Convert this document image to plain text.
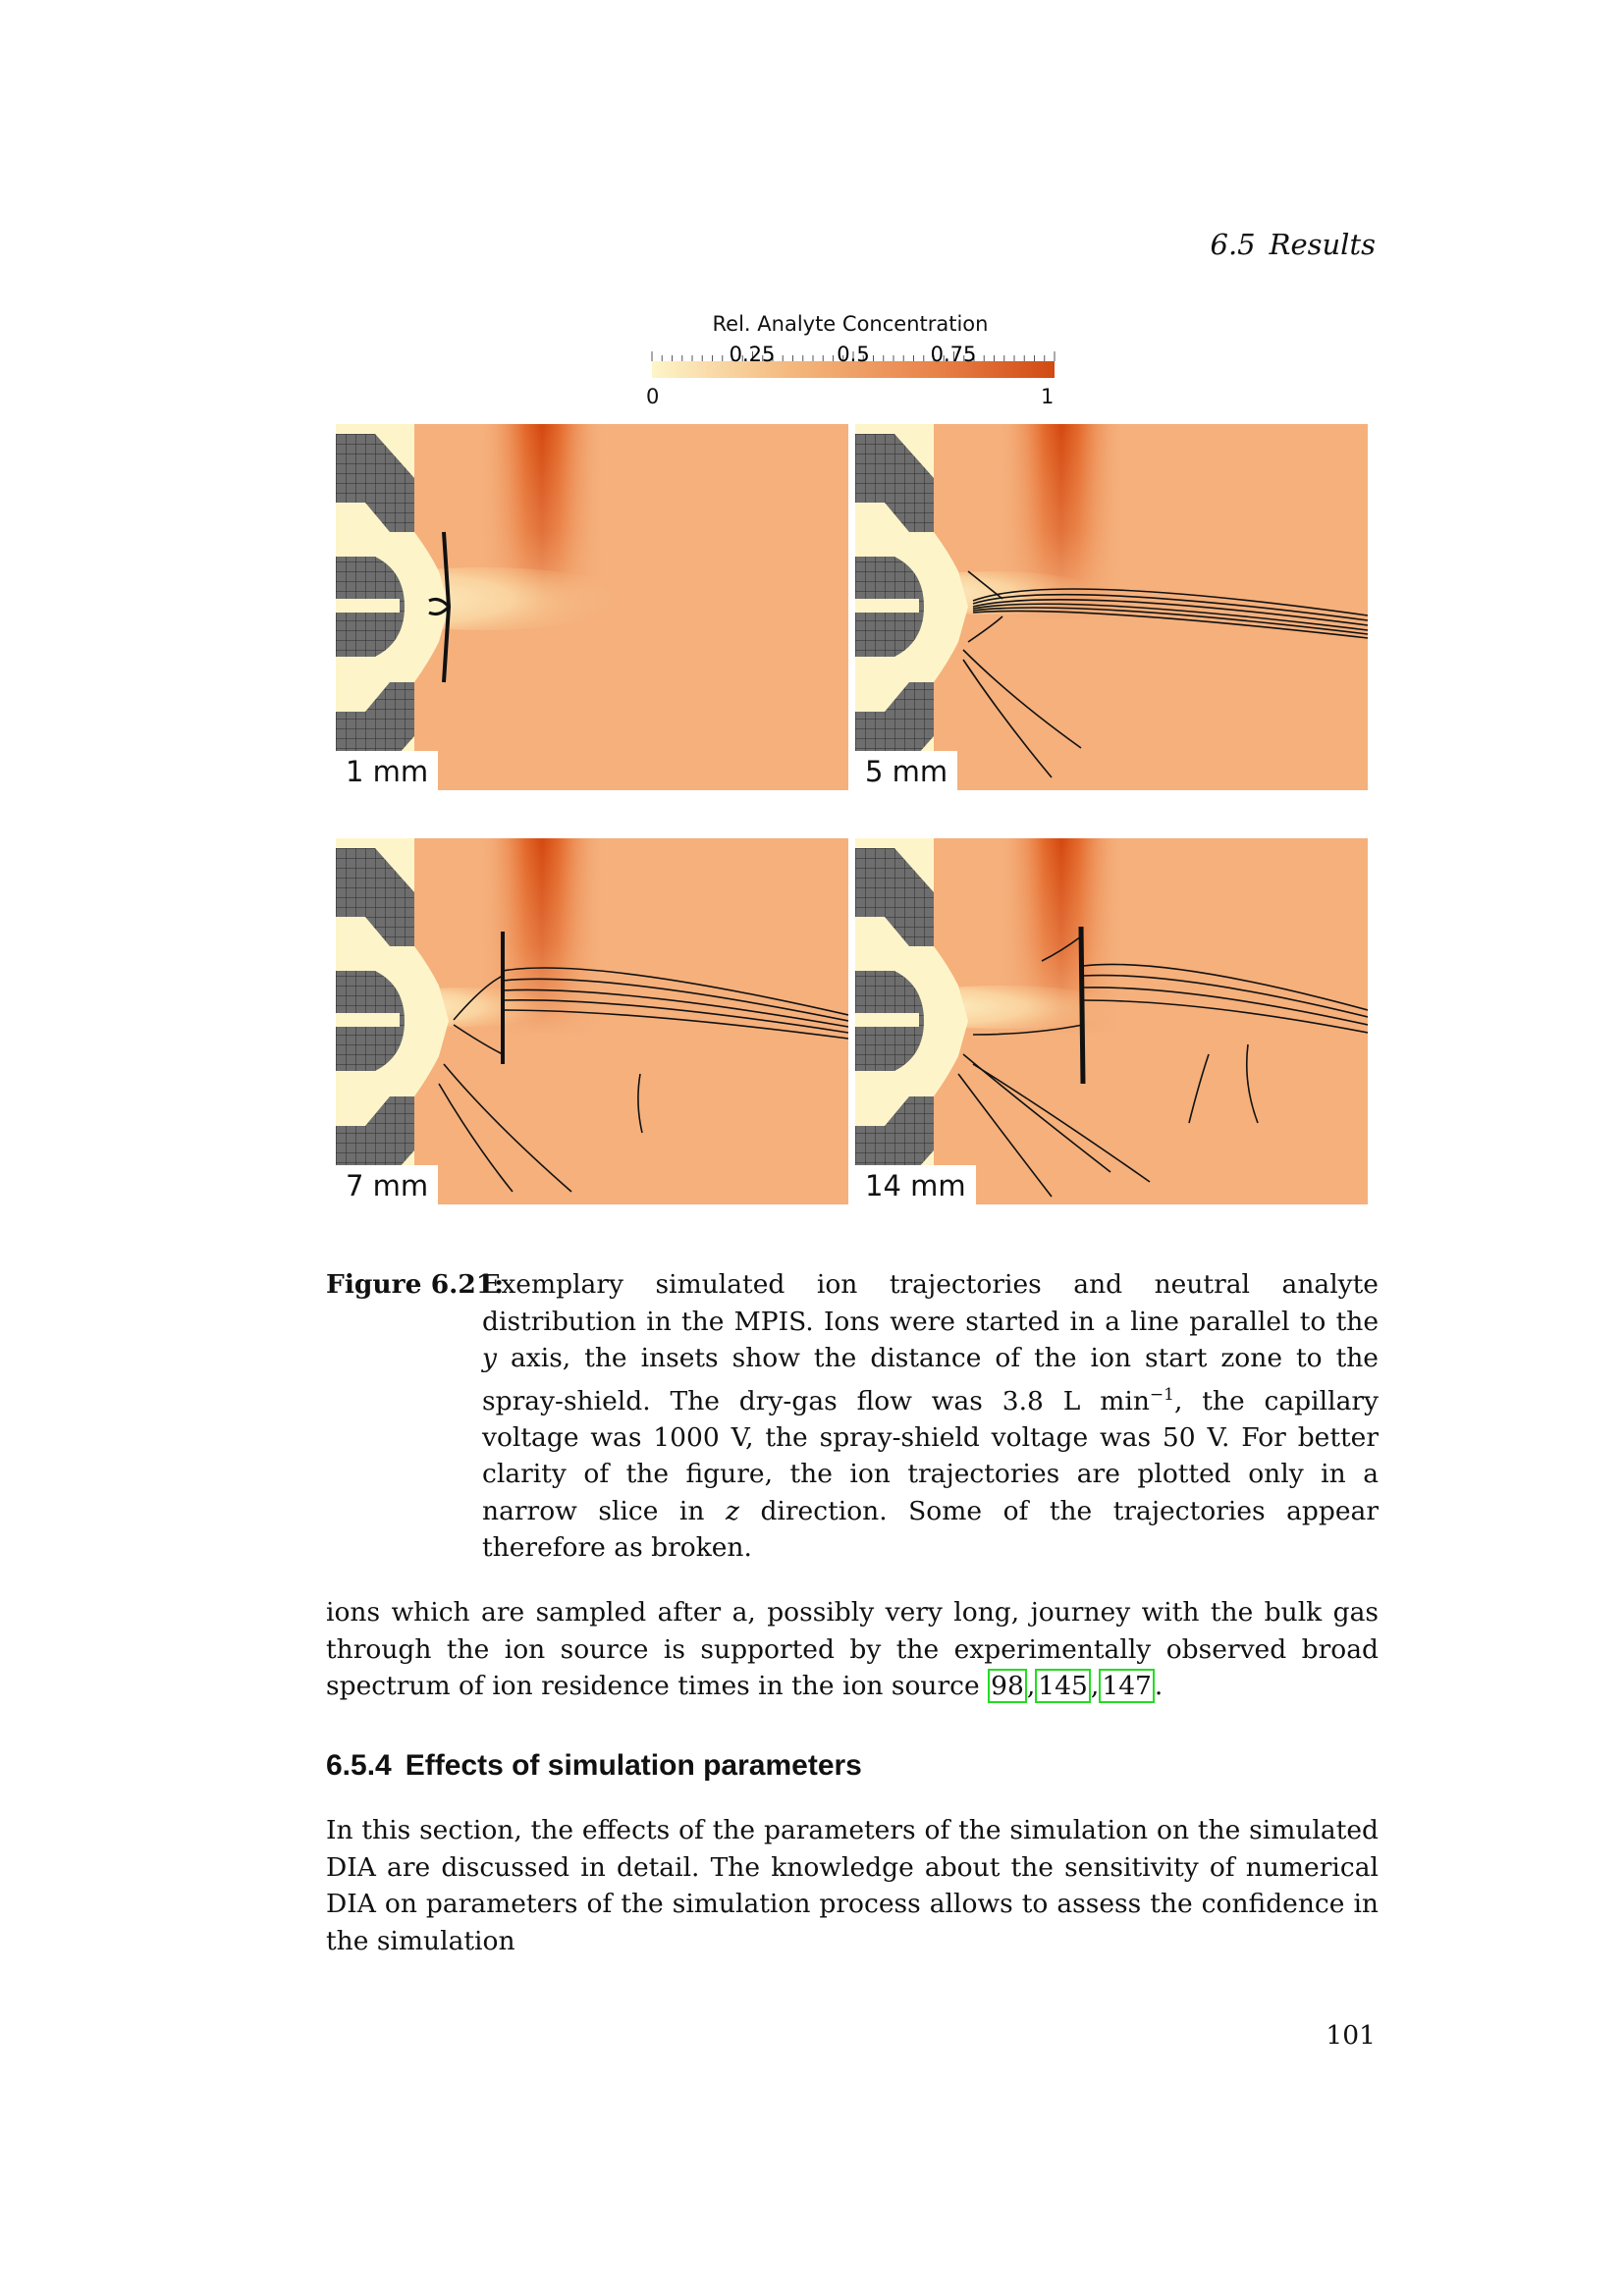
6.5 Results
Rel. Analyte Concentration
0.25	0.5	0.75
0	1
1 mm	5 mm
7 mm	14 mm
Figure 6.21:
Exemplary simulated ion trajectories and neutral analyte distribution in the MPIS. Ions were started in a line parallel to the y axis, the insets show the distance of the ion start zone to the spray-shield. The dry-gas flow was 3.8 L $\min^{-1}$, the capillary voltage was 1000 V, the spray-shield voltage was 50 V. For better clarity of the figure, the ion trajectories are plotted only in a narrow slice in z direction. Some of the trajectories appear therefore as broken.
ions which are sampled after a, possibly very long, journey with the bulk gas through the ion source is supported by the experimentally observed broad spectrum of ion residence times in the ion source 98 , 145 , 147 .
6.5.4 Effects of simulation parameters
In this section, the effects of the parameters of the simulation on the simulated DIA are discussed in detail. The knowledge about the sensitivity of numerical DIA on parameters of the simulation process allows to assess the confidence in the simulation
101
